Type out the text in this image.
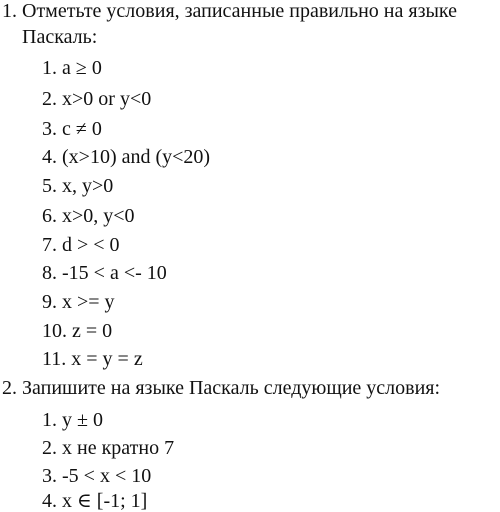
1. Отметьте условия, записанные правильно на языке
Паскаль:
1. a ≥ 0
2. x>0 or y<0
3. c ≠ 0
4. (x>10) and (y<20)
5. x, y>0
6. x>0, y<0
7. d > < 0
8. -15 < a <- 10
9. x >= y
10. z = 0
11. x = y = z
2. Запишите на языке Паскаль следующие условия:
1. y ± 0
2. x не кратно 7
3. -5 < x < 10
4. x ∈ [-1; 1]
